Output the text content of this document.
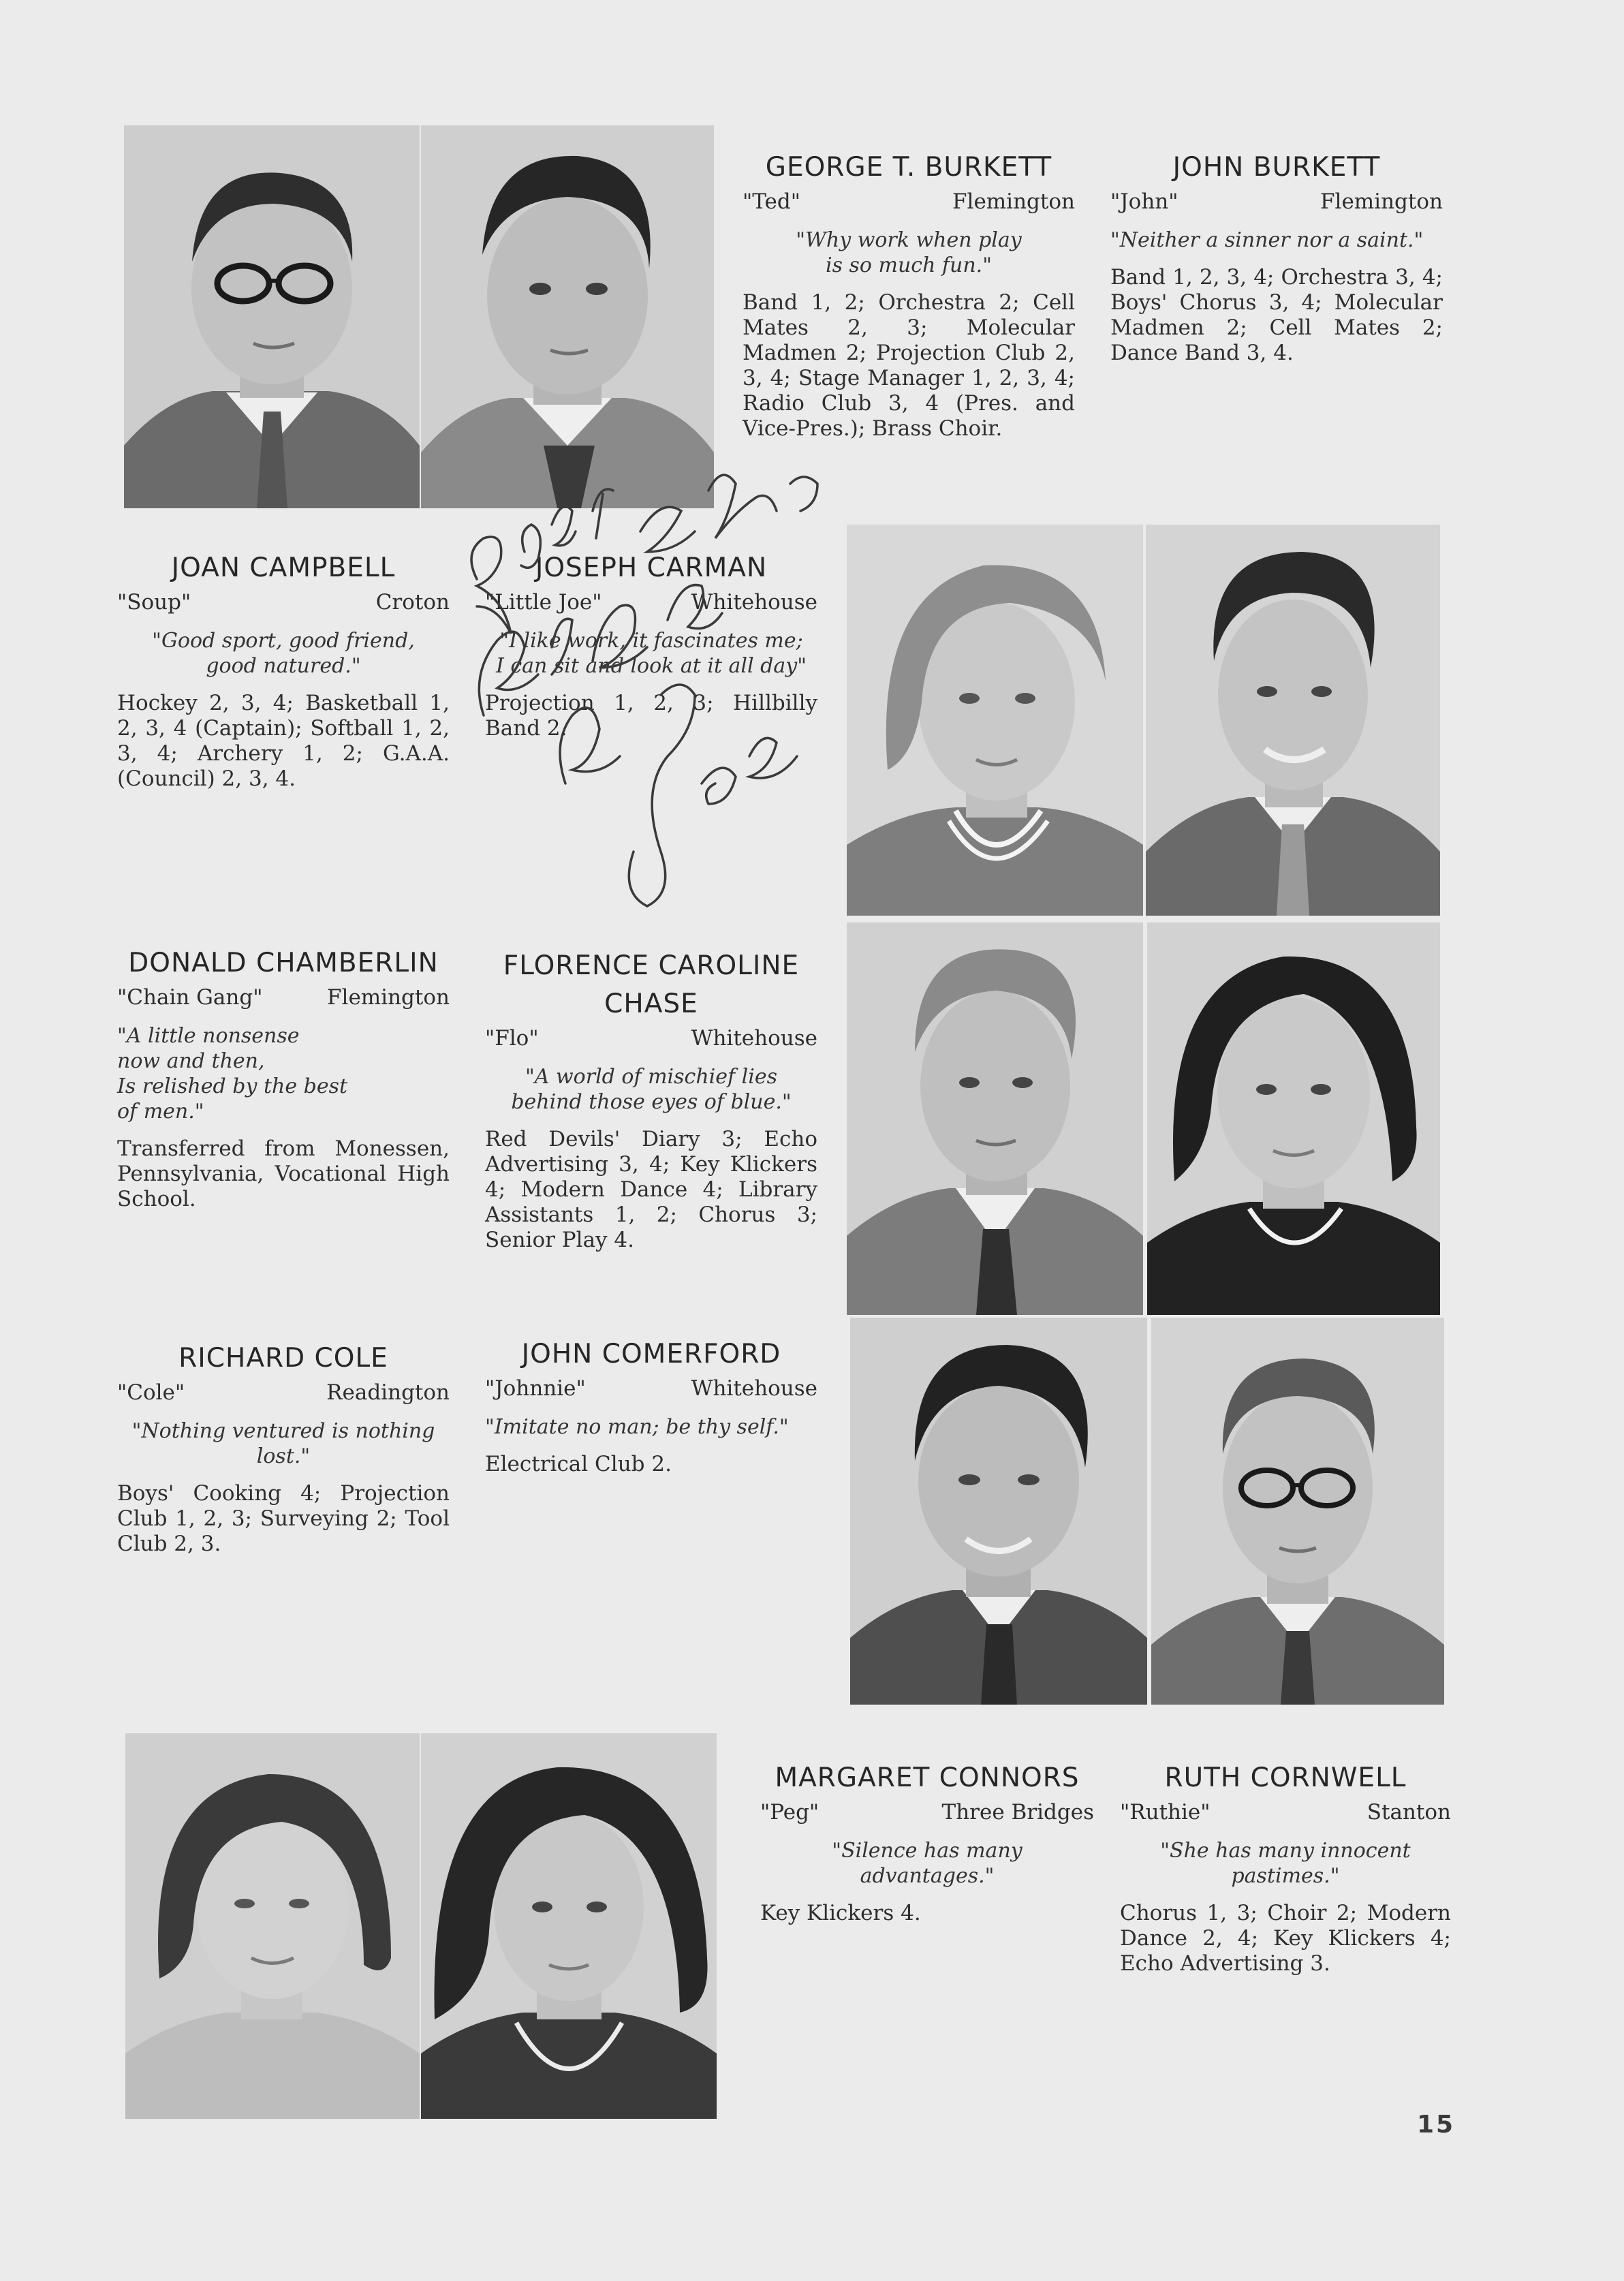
GEORGE T. BURKETT
"Ted"	Flemington
"Why work when play
is so much fun."
Band 1, 2; Orchestra 2; Cell Mates 2, 3; Molecular Madmen 2; Projection Club 2, 3, 4; Stage Manager 1, 2, 3, 4; Radio Club 3, 4 (Pres. and Vice-Pres.); Brass Choir.
JOHN BURKETT
"John"	Flemington
"Neither a sinner nor a saint."
Band 1, 2, 3, 4; Orchestra 3, 4; Boys' Chorus 3, 4; Molecular Madmen 2; Cell Mates 2; Dance Band 3, 4.
JOAN CAMPBELL
"Soup"	Croton
"Good sport, good friend,
good natured."
Hockey 2, 3, 4; Basketball 1, 2, 3, 4 (Captain); Softball 1, 2, 3, 4; Archery 1, 2; G.A.A. (Council) 2, 3, 4.
JOSEPH CARMAN
"Little Joe"	Whitehouse
"I like work, it fascinates me;
I can sit and look at it all day"
Projection 1, 2, 3; Hillbilly Band 2.
DONALD CHAMBERLIN
"Chain Gang"	Flemington
"A little nonsense
now and then,
Is relished by the best
of men."
Transferred from Monessen, Pennsylvania, Vocational High School.
FLORENCE CAROLINE
CHASE
"Flo"	Whitehouse
"A world of mischief lies
behind those eyes of blue."
Red Devils' Diary 3; Echo Advertising 3, 4; Key Klickers 4; Modern Dance 4; Library Assistants 1, 2; Chorus 3; Senior Play 4.
RICHARD COLE
"Cole"	Readington
"Nothing ventured is nothing
lost."
Boys' Cooking 4; Projection Club 1, 2, 3; Surveying 2; Tool Club 2, 3.
JOHN COMERFORD
"Johnnie"	Whitehouse
"Imitate no man; be thy self."
Electrical Club 2.
MARGARET CONNORS
"Peg"	Three Bridges
"Silence has many
advantages."
Key Klickers 4.
RUTH CORNWELL
"Ruthie"	Stanton
"She has many innocent
pastimes."
Chorus 1, 3; Choir 2; Modern Dance 2, 4; Key Klickers 4; Echo Advertising 3.
15
